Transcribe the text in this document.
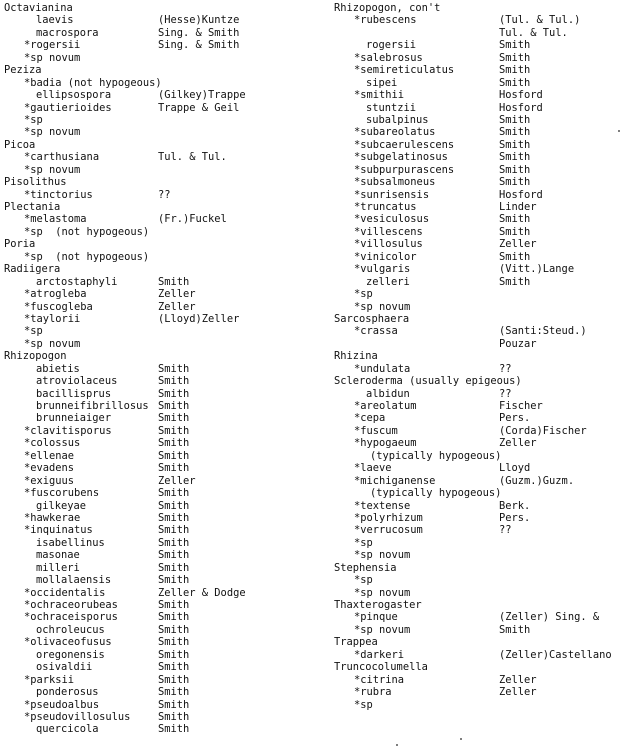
Octavianina
laevis	(Hesse)Kuntze
macrospora	Sing. & Smith
*rogersii	Sing. & Smith
*sp novum
Peziza
*badia (not hypogeous)
ellipsospora	(Gilkey)Trappe
*gautierioides	Trappe & Geil
*sp
*sp novum
Picoa
*carthusiana	Tul. & Tul.
*sp novum
Pisolithus
*tinctorius	??
Plectania
*melastoma	(Fr.)Fuckel
*sp  (not hypogeous)
Poria
*sp  (not hypogeous)
Radiigera
arctostaphyli	Smith
*atrogleba	Zeller
*fuscogleba	Zeller
*taylorii	(Lloyd)Zeller
*sp
*sp novum
Rhizopogon
abietis	Smith
atroviolaceus	Smith
bacillisprus	Smith
brunneifibrillosus Smith
brunneiaiger	Smith
*clavitisporus	Smith
*colossus	Smith
*ellenae	Smith
*evadens	Smith
*exiguus	Zeller
*fuscorubens	Smith
gilkeyae	Smith
*hawkerae	Smith
*inquinatus	Smith
isabellinus	Smith
masonae	Smith
milleri	Smith
mollalaensis	Smith
*occidentalis	Zeller & Dodge
*ochraceorubeas	Smith
*ochraceisporus	Smith
ochroleucus	Smith
*olivaceofusus	Smith
oregonensis	Smith
osivaldii	Smith
*parksii	Smith
ponderosus	Smith
*pseudoalbus	Smith
*pseudovillosulus	Smith
quercicola	Smith
Rhizopogon, con't
*rubescens	(Tul. & Tul.)
Tul. & Tul.
rogersii	Smith
*salebrosus	Smith
*semireticulatus	Smith
sipei	Smith
*smithii	Hosford
stuntzii	Hosford
subalpinus	Smith
*subareolatus	Smith
*subcaerulescens	Smith
*subgelatinosus	Smith
*subpurpurascens	Smith
*subsalmoneus	Smith
*sunrisensis	Hosford
*truncatus	Linder
*vesiculosus	Smith
*villescens	Smith
*villosulus	Zeller
*vinicolor	Smith
*vulgaris	(Vitt.)Lange
zelleri	Smith
*sp
*sp novum
Sarcosphaera
*crassa	(Santi:Steud.)
Pouzar
Rhizina
*undulata	??
Scleroderma (usually epigeous)
albidun	??
*areolatum	Fischer
*cepa	Pers.
*fuscum	(Corda)Fischer
*hypogaeum	Zeller
(typically hypogeous)
*laeve	Lloyd
*michiganense	(Guzm.)Guzm.
(typically hypogeous)
*textense	Berk.
*polyrhizum	Pers.
*verrucosum	??
*sp
*sp novum
Stephensia
*sp
*sp novum
Thaxterogaster
*pinque	(Zeller) Sing. &
*sp novum	Smith
Trappea
*darkeri	(Zeller)Castellano
Truncocolumella
*citrina	Zeller
*rubra	Zeller
*sp
